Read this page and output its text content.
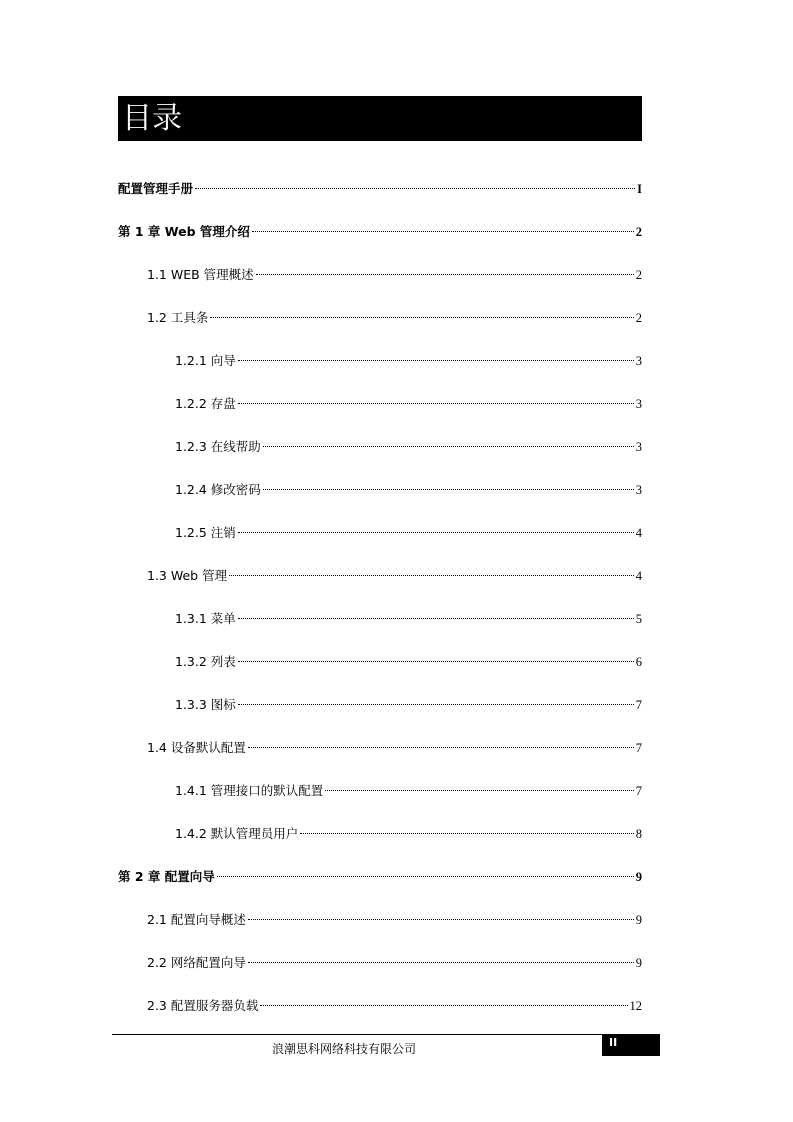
目录
配置管理手册	I
第 1 章 Web 管理介绍	2
1.1 WEB 管理概述	2
1.2 工具条	2
1.2.1 向导	3
1.2.2 存盘	3
1.2.3 在线帮助	3
1.2.4 修改密码	3
1.2.5 注销	4
1.3 Web 管理	4
1.3.1 菜单	5
1.3.2 列表	6
1.3.3 图标	7
1.4 设备默认配置	7
1.4.1 管理接口的默认配置	7
1.4.2 默认管理员用户	8
第 2 章 配置向导	9
2.1 配置向导概述	9
2.2 网络配置向导	9
2.3 配置服务器负载	12
浪潮思科网络科技有限公司	II
